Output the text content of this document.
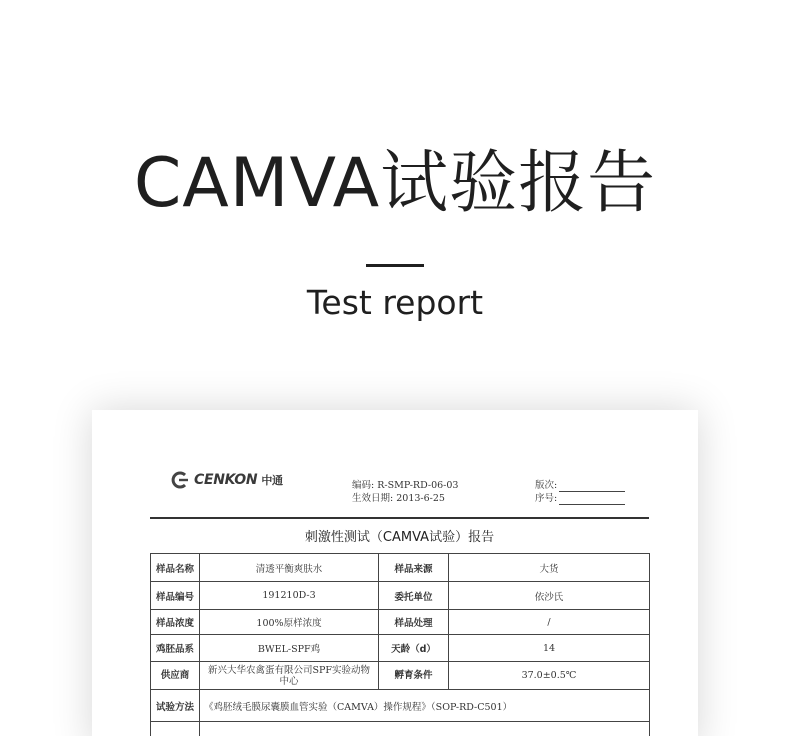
CAMVA试验报告
Test report
CENKON 中通	编码: R-SMP-RD-06-03
生效日期: 2013-6-25
版次:
序号:
刺激性测试（CAMVA试验）报告
样品名称	清透平衡爽肤水	样品来源	大货
样品编号	191210D-3	委托单位	依沙氏
样品浓度	100%原样浓度	样品处理	/
鸡胚品系	BWEL-SPF鸡	天龄（d）	14
供应商	新兴大华农禽蛋有限公司SPF实验动物中心	孵育条件	37.0±0.5℃
试验方法	《鸡胚绒毛膜尿囊膜血管实验（CAMVA）操作规程》（SOP-RD-C501）		
